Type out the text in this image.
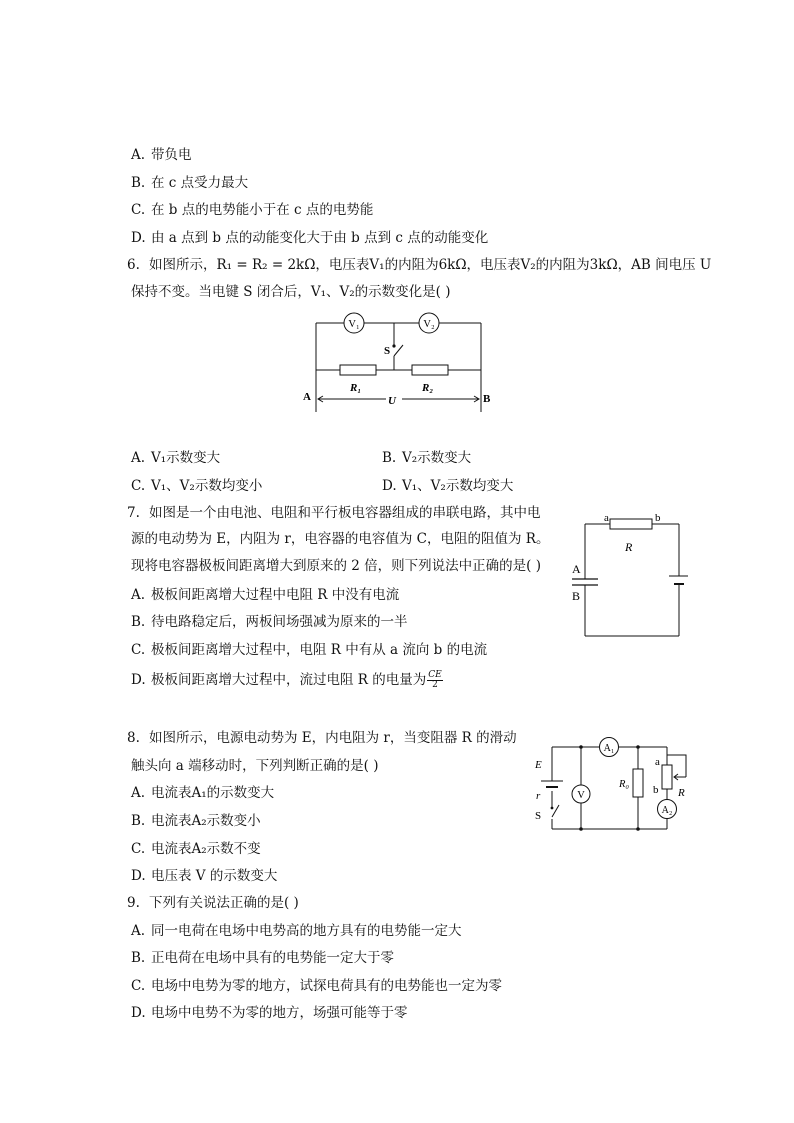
A. 带负电
B. 在 c 点受力最大
C. 在 b 点的电势能小于在 c 点的电势能
D. 由 a 点到 b 点的动能变化大于由 b 点到 c 点的动能变化
6. 如图所示，R₁ = R₂ = 2kΩ，电压表V₁的内阻为6kΩ，电压表V₂的内阻为3kΩ，AB 间电压 U
保持不变。当电键 S 闭合后，V₁、V₂的示数变化是( )
V₁	V₂
S
R₁	R₂
A	B
U
A. V₁示数变大	B. V₂示数变大
C. V₁、V₂示数均变小	D. V₁、V₂示数均变大
7. 如图是一个由电池、电阻和平行板电容器组成的串联电路，其中电
源的电动势为 E，内阻为 r，电容器的电容值为 C，电阻的阻值为 R。
现将电容器极板间距离增大到原来的 2 倍，则下列说法中正确的是( )
A. 极板间距离增大过程中电阻 R 中没有电流
B. 待电路稳定后，两板间场强减为原来的一半
C. 极板间距离增大过程中，电阻 R 中有从 a 流向 b 的电流
D. 极板间距离增大过程中，流过电阻 R 的电量为 $\frac{CE}{2}$
a	b
R
A
B
8. 如图所示，电源电动势为 E，内电阻为 r，当变阻器 R 的滑动
触头向 a 端移动时，下列判断正确的是( )
A. 电流表A₁的示数变大
B. 电流表A₂示数变小
C. 电流表A₂示数不变
D. 电压表 V 的示数变大
E
r
S
V
A₁
A₂
R₀
a
b R
9. 下列有关说法正确的是( )
A. 同一电荷在电场中电势高的地方具有的电势能一定大
B. 正电荷在电场中具有的电势能一定大于零
C. 电场中电势为零的地方，试探电荷具有的电势能也一定为零
D. 电场中电势不为零的地方，场强可能等于零
